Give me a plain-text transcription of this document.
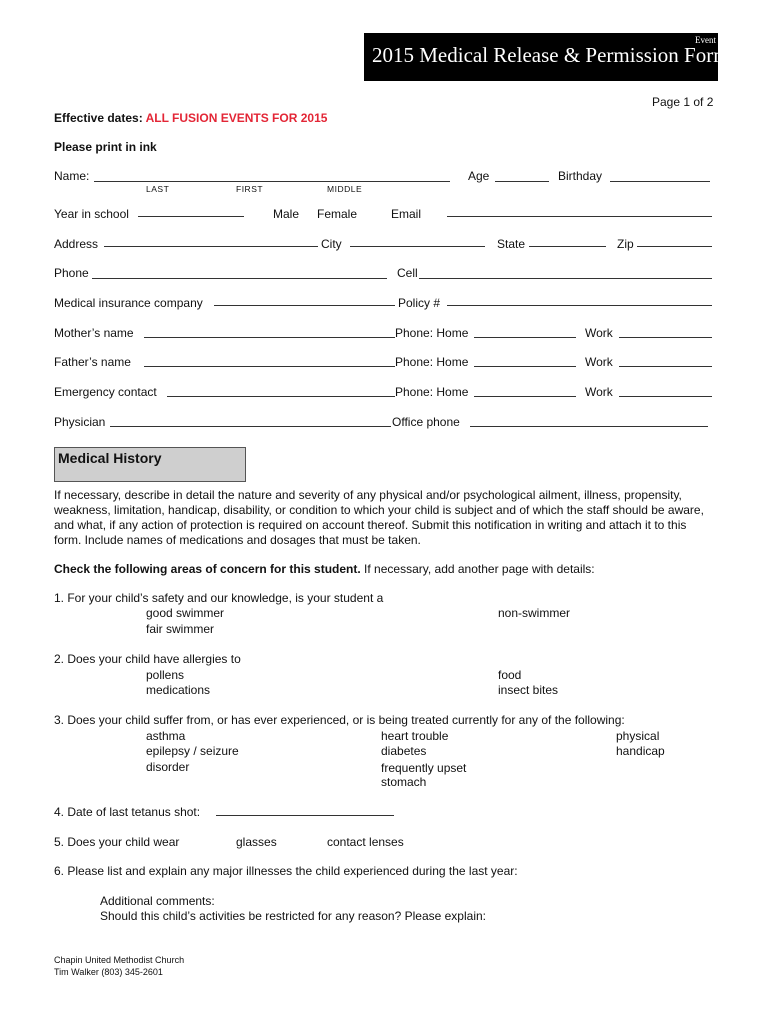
Event
2015 Medical Release & Permission Form
Page 1 of 2
Effective dates: ALL FUSION EVENTS FOR 2015
Please print in ink
Name:
LAST	FIRST	MIDDLE
Age	Birthday
Year in school	Male Female	Email
Address	City	State	Zip
Phone	Cell
Medical insurance company	Policy #
Mother’s name	Phone: Home	Work
Father’s name	Phone: Home	Work
Emergency contact	Phone: Home	Work
Physician	Office phone
Medical History
If necessary, describe in detail the nature and severity of any physical and/or psychological ailment, illness, propensity, weakness, limitation, handicap, disability, or condition to which your child is subject and of which the staff should be aware, and what, if any action of protection is required on account thereof. Submit this notification in writing and attach it to this form. Include names of medications and dosages that must be taken.
Check the following areas of concern for this student. If necessary, add another page with details:
1. For your child’s safety and our knowledge, is your student a
good swimmer
fair swimmer
non-swimmer
2. Does your child have allergies to
pollens
medications
food
insect bites
3. Does your child suffer from, or has ever experienced, or is being treated currently for any of the following:
asthma
epilepsy / seizure
disorder
heart trouble
diabetes
frequently upset
stomach
physical
handicap
4. Date of last tetanus shot:
5. Does your child wear	glasses	contact lenses
6. Please list and explain any major illnesses the child experienced during the last year:
Additional comments:
Should this child’s activities be restricted for any reason? Please explain:
Chapin United Methodist Church
Tim Walker (803) 345-2601
